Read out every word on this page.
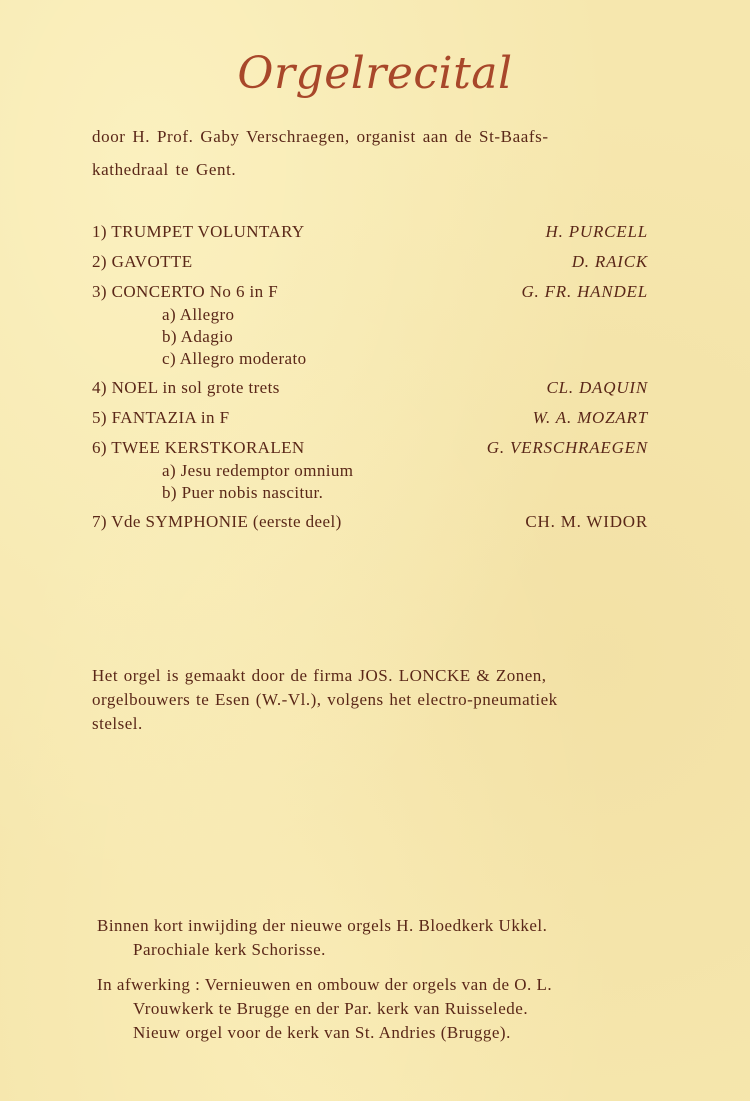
Orgelrecital
door H. Prof. Gaby Verschraegen, organist aan de St-Baafs-
kathedraal te Gent.
1) TRUMPET VOLUNTARY	H. PURCELL
2) GAVOTTE	D. RAICK
3) CONCERTO No 6 in F	G. FR. HANDEL
a) Allegro
b) Adagio
c) Allegro moderato
4) NOEL in sol grote trets	CL. DAQUIN
5) FANTAZIA in F	W. A. MOZART
6) TWEE KERSTKORALEN	G. VERSCHRAEGEN
a) Jesu redemptor omnium
b) Puer nobis nascitur.
7) Vde SYMPHONIE (eerste deel)	CH. M. WIDOR
Het orgel is gemaakt door de firma JOS. LONCKE & Zonen,
orgelbouwers te Esen (W.-Vl.), volgens het electro-pneumatiek
stelsel.
Binnen kort inwijding der nieuwe orgels H. Bloedkerk Ukkel.
Parochiale kerk Schorisse.
In afwerking : Vernieuwen en ombouw der orgels van de O. L.
Vrouwkerk te Brugge en der Par. kerk van Ruisselede.
Nieuw orgel voor de kerk van St. Andries (Brugge).
